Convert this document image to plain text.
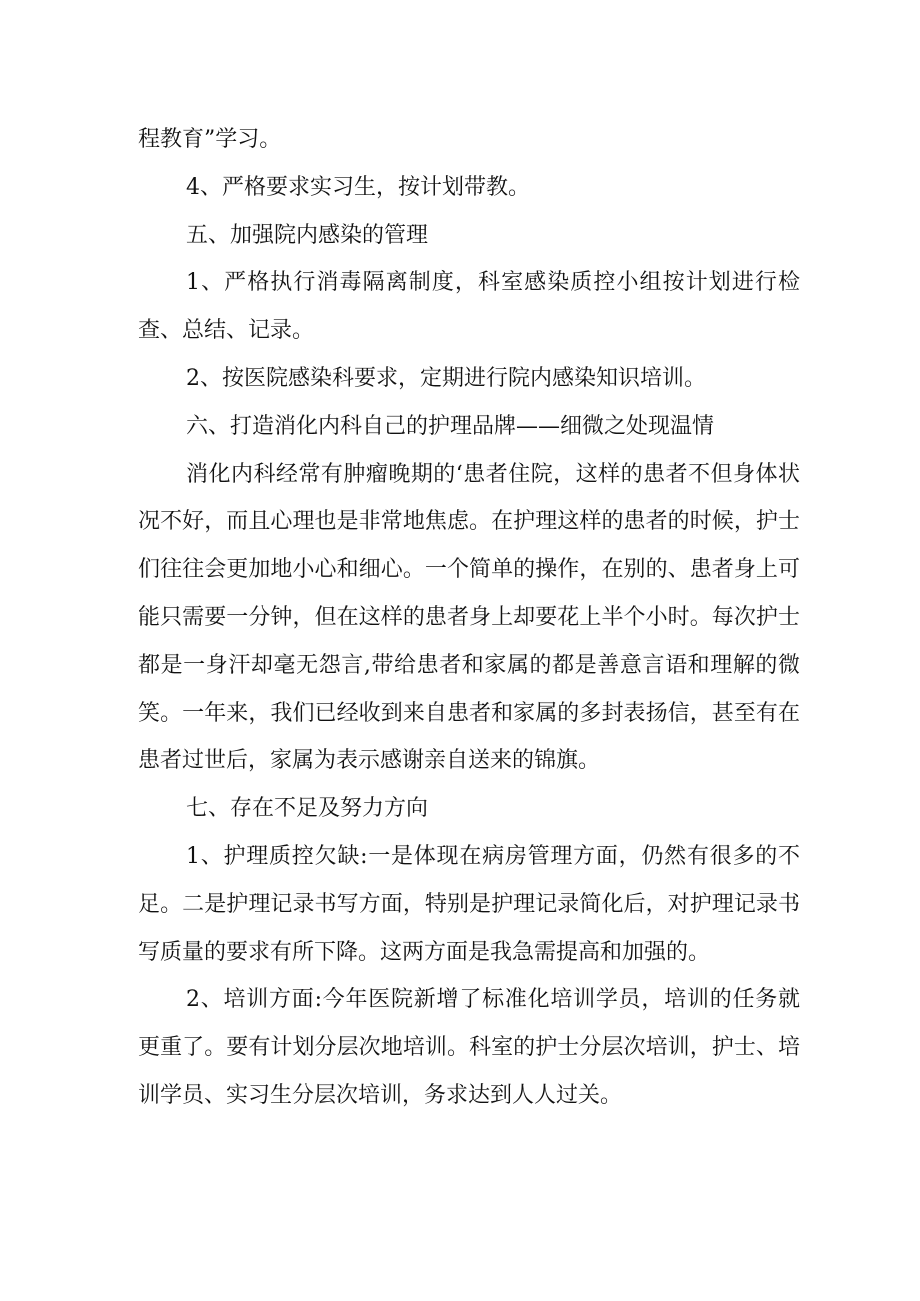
程教育”学习。

4、严格要求实习生，按计划带教。

五、加强院内感染的管理

1、严格执行消毒隔离制度，科室感染质控小组按计划进行检查、总结、记录。

2、按医院感染科要求，定期进行院内感染知识培训。

六、打造消化内科自己的护理品牌——细微之处现温情

消化内科经常有肿瘤晚期的‘患者住院，这样的患者不但身体状况不好，而且心理也是非常地焦虑。在护理这样的患者的时候，护士们往往会更加地小心和细心。一个简单的操作，在别的、患者身上可能只需要一分钟，但在这样的患者身上却要花上半个小时。每次护士都是一身汗却毫无怨言,带给患者和家属的都是善意言语和理解的微笑。一年来，我们已经收到来自患者和家属的多封表扬信，甚至有在患者过世后，家属为表示感谢亲自送来的锦旗。

七、存在不足及努力方向

1、护理质控欠缺:一是体现在病房管理方面，仍然有很多的不足。二是护理记录书写方面，特别是护理记录简化后，对护理记录书写质量的要求有所下降。这两方面是我急需提高和加强的。

2、培训方面:今年医院新增了标准化培训学员，培训的任务就更重了。要有计划分层次地培训。科室的护士分层次培训，护士、培训学员、实习生分层次培训，务求达到人人过关。
